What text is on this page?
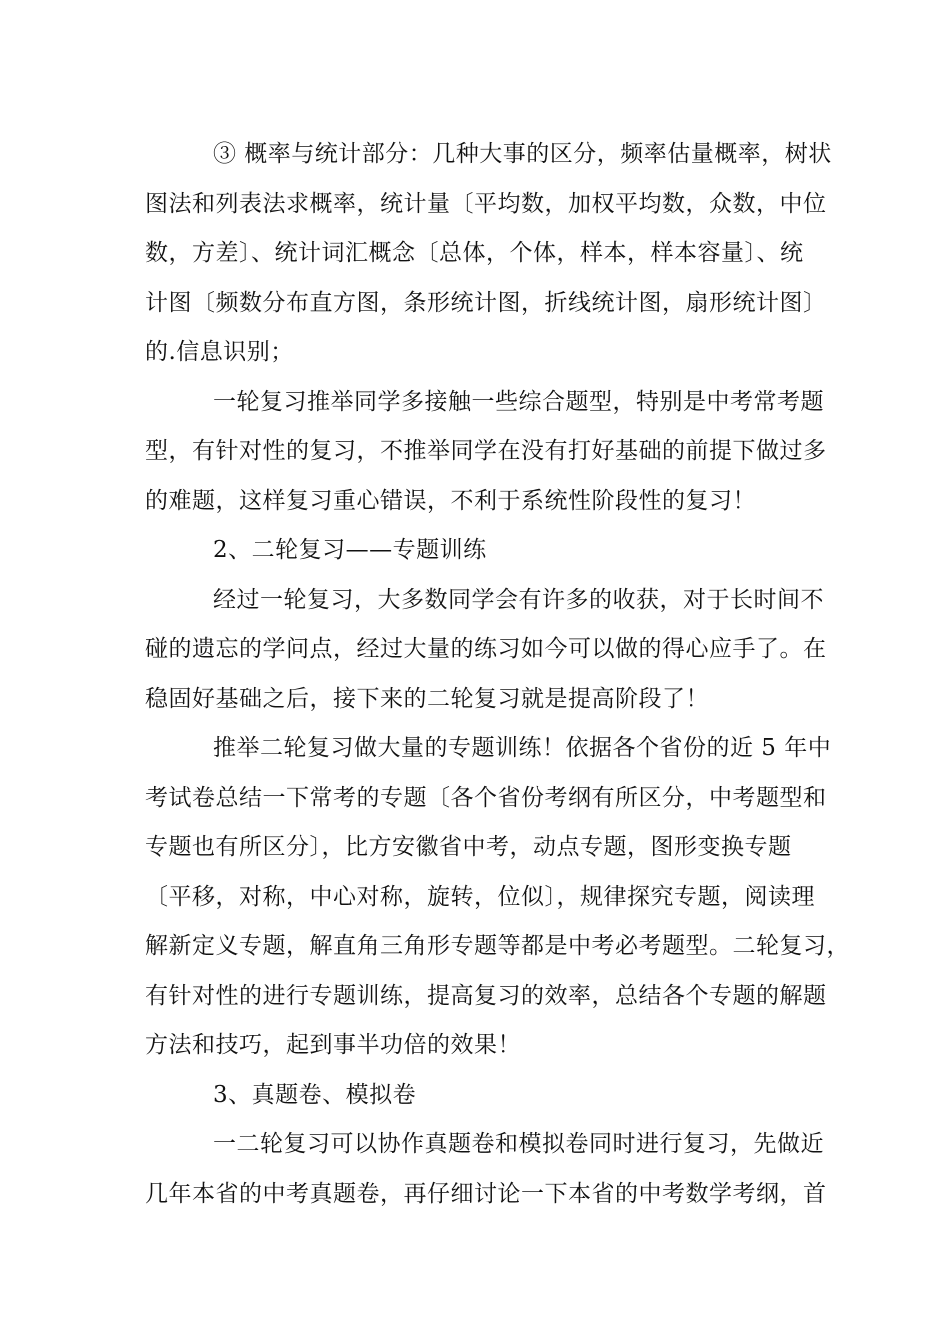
③ 概率与统计部分：几种大事的区分，频率估量概率，树状
图法和列表法求概率，统计量〔平均数，加权平均数，众数，中位
数，方差〕、统计词汇概念〔总体，个体，样本，样本容量〕、统
计图〔频数分布直方图，条形统计图，折线统计图，扇形统计图〕
的.信息识别；
一轮复习推举同学多接触一些综合题型，特别是中考常考题
型，有针对性的复习，不推举同学在没有打好基础的前提下做过多
的难题，这样复习重心错误，不利于系统性阶段性的复习！
2、二轮复习——专题训练
经过一轮复习，大多数同学会有许多的收获，对于长时间不
碰的遗忘的学问点，经过大量的练习如今可以做的得心应手了。在
稳固好基础之后，接下来的二轮复习就是提高阶段了！
推举二轮复习做大量的专题训练！依据各个省份的近 5 年中
考试卷总结一下常考的专题〔各个省份考纲有所区分，中考题型和
专题也有所区分〕，比方安徽省中考，动点专题，图形变换专题
〔平移，对称，中心对称，旋转，位似〕，规律探究专题，阅读理
解新定义专题，解直角三角形专题等都是中考必考题型。二轮复习，
有针对性的进行专题训练，提高复习的效率，总结各个专题的解题
方法和技巧，起到事半功倍的效果！
3、真题卷、模拟卷
一二轮复习可以协作真题卷和模拟卷同时进行复习，先做近
几年本省的中考真题卷，再仔细讨论一下本省的中考数学考纲，首
